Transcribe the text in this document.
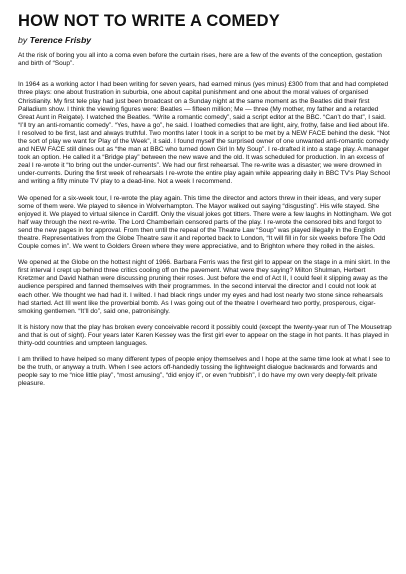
HOW NOT TO WRITE A COMEDY
by Terence Frisby

At the risk of boring you all into a coma even before the curtain rises, here are a few of the events of the conception, gestation and birth of “Soup”.

In 1964 as a working actor I had been writing for seven years, had earned minus (yes minus) £300 from that and had completed three plays: one about frustration in suburbia, one about capital punishment and one about the moral values of organised Christianity. My first tele play had just been broadcast on a Sunday night at the same moment as the Beatles did their first Palladium show. I think the viewing figures were: Beatles — fifteen million; Me — three (My mother, my father and a retarded Great Aunt in Reigate). I watched the Beatles. “Write a romantic comedy”, said a script editor at the BBC. “Can’t do that”, I said. “I’ll try an anti-romantic comedy”. “Yes, have a go”, he said. I loathed comedies that are light, airy, frothy, false and lied about life. I resolved to be first, last and always truthful. Two months later I took in a script to be met by a NEW FACE behind the desk. “Not the sort of play we want for Play of the Week”, it said. I found myself the surprised owner of one unwanted anti-romantic comedy and NEW FACE still dines out as “the man at BBC who turned down Girl In My Soup”. I re-drafted it into a stage play. A manager took an option. He called it a “Bridge play” between the new wave and the old. It was scheduled for production. In an excess of zeal I re-wrote it “to bring out the under-currents”. We had our first rehearsal. The re-write was a disaster; we were drowned in under-currents. During the first week of rehearsals I re-wrote the entire play again while appearing daily in BBC TV’s Play School and writing a fifty minute TV play to a dead-line. Not a week I recommend.

We opened for a six-week tour, I re-wrote the play again. This time the director and actors threw in their ideas, and very super some of them were. We played to silence in Wolverhampton. The Mayor walked out saying “disgusting”. His wife stayed. She enjoyed it. We played to virtual silence in Cardiff. Only the visual jokes got titters. There were a few laughs in Nottingham. We got half way through the next re-write. The Lord Chamberlain censored parts of the play. I re-wrote the censored bits and forgot to send the new pages in for approval. From then until the repeal of the Theatre Law “Soup” was played illegally in the English theatre. Representatives from the Globe Theatre saw it and reported back to London, “It will fill in for six weeks before The Odd Couple comes in”. We went to Golders Green where they were appreciative, and to Brighton where they rolled in the aisles.

We opened at the Globe on the hottest night of 1966. Barbara Ferris was the first girl to appear on the stage in a mini skirt. In the first interval I crept up behind three critics cooling off on the pavement. What were they saying? Milton Shulman, Herbert Kretzmer and David Nathan were discussing pruning their roses. Just before the end of Act II, I could feel it slipping away as the audience perspired and fanned themselves with their programmes. In the second interval the director and I could not look at each other. We thought we had had it. I wilted. I had black rings under my eyes and had lost nearly two stone since rehearsals had started. Act III went like the proverbial bomb. As I was going out of the theatre I overheard two portly, prosperous, cigar-smoking gentlemen. “It’ll do”, said one, patronisingly.

It is history now that the play has broken every conceivable record it possibly could (except the twenty-year run of The Mousetrap and that is out of sight). Four years later Karen Kessey was the first girl ever to appear on the stage in hot pants. It has played in thirty-odd countries and umpteen languages.

I am thrilled to have helped so many different types of people enjoy themselves and I hope at the same time look at what I see to be the truth, or anyway a truth. When I see actors off-handedly tossing the lightweight dialogue backwards and forwards and people say to me “nice little play”, “most amusing”, “did enjoy it”, or even “rubbish”, I do have my own very deeply-felt private pleasure.
